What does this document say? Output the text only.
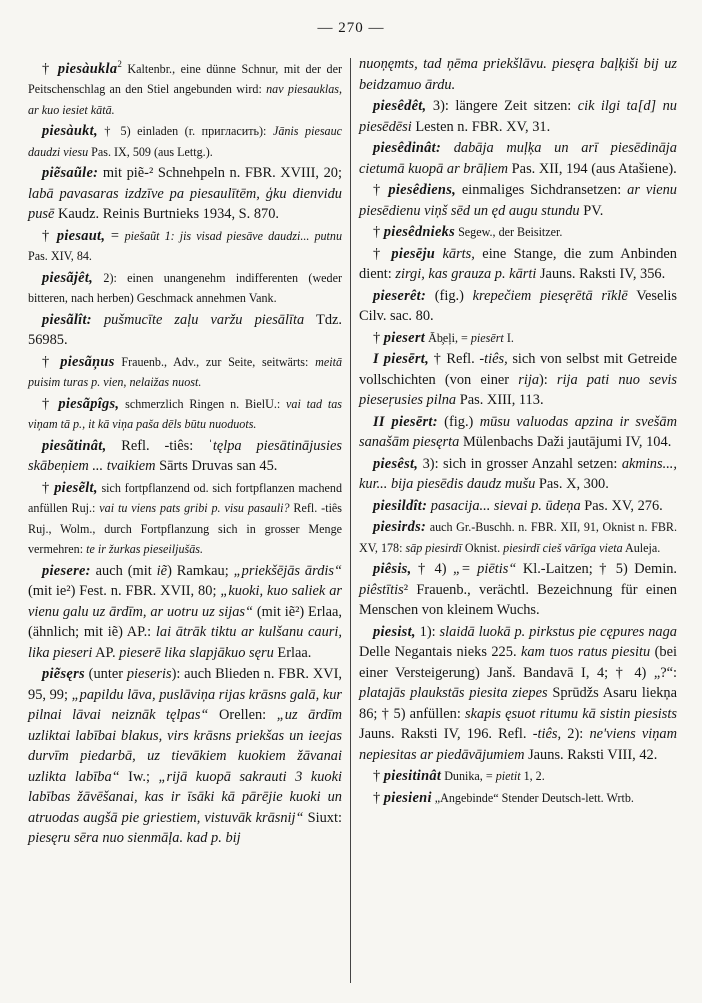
— 270 —

† piesàukla$^2$ Kaltenbr., eine dünne Schnur, mit der der Peitschenschlag an den Stiel angebunden wird: nav piesauklas, ar kuo iesiet kātā.

piesàukt, † 5) einladen (r. пригласить): Jānis piesauc daudzi viesu Pas. IX, 509 (aus Lettg.).

piẽsaũle: mit piẽ-² Schnehpeln n. FBR. XVIII, 20; labā pavasaras izdzīve pa piesaulītēm, ģku dienvidu pusē Kaudz. Reinis Burtnieks 1934, S. 870.

† piesaut, = piešaũt 1: jis visad piesāve daudzi... putnu Pas. XIV, 84.

piesãjêt, 2): einen unangenehm indifferenten (weder bitteren, nach herben) Geschmack annehmen Vank.

piesãlît: pušmucīte zaļu varžu piesālīta Tdz. 56985.

† piesãņus Frauenb., Adv., zur Seite, seitwärts: meitā puisim turas p. vien, nelaižas nuost.

† piesãpîgs, schmerzlich Ringen n. BielU.: vai tad tas viņam tā p., it kā viņa paša dēls būtu nuoduots.

piesãtinât, Refl. -tiês: ˈtęlpa piesātinājusies skābeņiem ... tvaikiem Sārts Druvas san 45.

† piesẽlt, sich fortpflanzend od. sich fortpflanzen machend anfüllen Ruj.: vai tu viens pats gribi p. visu pasauli? Refl. -tiês Ruj., Wolm., durch Fortpflanzung sich in grosser Menge vermehren: te ir žurkas pieseiljušās.

piesere: auch (mit iẽ) Ramkau; „priekšējās ārdis“ (mit ie²) Fest. n. FBR. XVII, 80; „kuoki, kuo saliek ar vienu galu uz ārdīm, ar uotru uz sijas“ (mit iẽ²) Erlaa, (ähnlich; mit iẽ) AP.: lai ātrāk tiktu ar kulšanu cauri, lika pieseri AP. pieserē lika slapjākuo sęru Erlaa.

piẽsęrs (unter pieseris): auch Blieden n. FBR. XVI, 95, 99; „papildu lāva, puslāviņa rijas krāsns galā, kur pilnai lāvai neiznāk tęlpas“ Orellen: „uz ārdīm uzliktai labībai blakus, virs krāsns priekšas un ieejas durvīm piedarbā, uz tievākiem kuokiem žāvanai uzlikta labība“ Iw.; „rijā kuopā sakrauti 3 kuoki labības žāvēšanai, kas ir īsāki kā pārējie kuoki un atruodas augšā pie griestiem, vistuvāk krāsnij“ Siuxt: piesęru sēra nuo sienmāļa. kad p. bij

nuoņęmts, tad ņēma priekšlāvu. piesęra baļķiši bij uz beidzamuo ārdu.

piesêdêt, 3): längere Zeit sitzen: cik ilgi ta[d] nu piesēdēsi Lesten n. FBR. XV, 31.

piesêdinât: dabāja muļķa un arī piesēdināja cietumā kuopā ar brāļiem Pas. XII, 194 (aus Atašiene).

† piesêdiens, einmaliges Sichdransetzen: ar vienu piesēdienu viņš sēd un ęd augu stundu PV.

† piesêdnieks Segew., der Beisitzer.

† piesēju kārts, eine Stange, die zum Anbinden dient: zirgi, kas grauza p. kārti Jauns. Raksti IV, 356.

pieserêt: (fig.) krepečiem piesęrētā rīklē Veselis Cilv. sac. 80.

† piesert Āb̧eļi, = piesērt I.

I piesērt, † Refl. -tiês, sich von selbst mit Getreide vollschichten (von einer rija): rija pati nuo sevis pieseŗusies pilna Pas. XIII, 113.

II piesērt: (fig.) mūsu valuodas apzina ir svešām sanašām piesęrta Mülenbachs Daži jautājumi IV, 104.

piesêst, 3): sich in grosser Anzahl setzen: akmins..., kur... bija piesēdis daudz mušu Pas. X, 300.

piesildît: pasacija... sievai p. ūdeņa Pas. XV, 276.

piesirds: auch Gr.-Buschh. n. FBR. XII, 91, Oknist n. FBR. XV, 178: sāp piesirdī Oknist. piesirdī cieš vārīga vieta Auleja.

piêsis, † 4) „= piētis“ Kl.-Laitzen; † 5) Demin. piêstītis² Frauenb., verächtl. Bezeichnung für einen Menschen von kleinem Wuchs.

piesist, 1): slaidā luokā p. pirkstus pie cępures naga Delle Negantais nieks 225. kam tuos ratus piesitu (bei einer Versteigerung) Janš. Bandavā I, 4; † 4) „?“: platajās plaukstās piesita ziepes Sprūdžs Asaru liekņa 86; † 5) anfüllen: skapis ęsuot ritumu kā sistin piesists Jauns. Raksti IV, 196. Refl. -tiês, 2): ne'viens viņam nepiesitas ar piedāvājumiem Jauns. Raksti VIII, 42.

† piesitinât Dunika, = pietit 1, 2.

† piesieni „Angebinde“ Stender Deutsch-lett. Wrtb.
